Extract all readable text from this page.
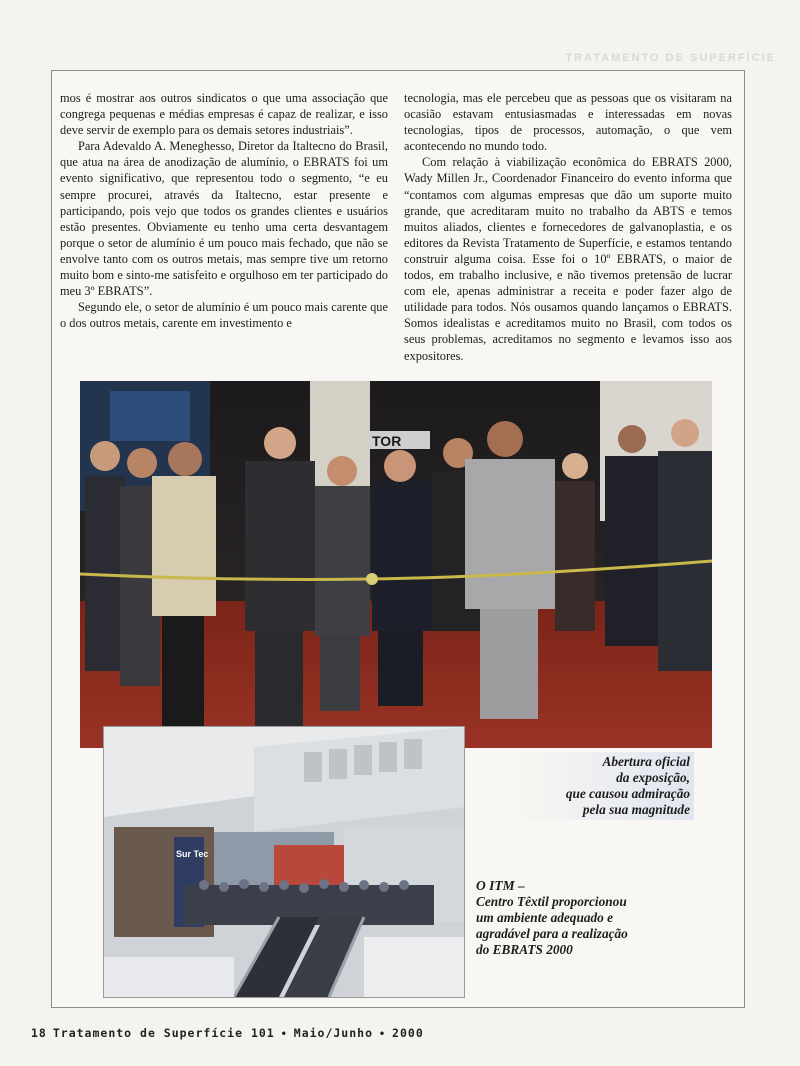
TRATAMENTO DE SUPERFÍCIE

mos é mostrar aos outros sindicatos o que uma associação que congrega pequenas e médias empresas é capaz de realizar, e isso deve servir de exemplo para os demais setores industriais”.

Para Adevaldo A. Meneghesso, Diretor da Italtecno do Brasil, que atua na área de anodização de alumínio, o EBRATS foi um evento significativo, que representou todo o segmento, “e eu sempre procurei, através da Italtecno, estar presente e participando, pois vejo que todos os grandes clientes e usuários estão presentes. Obviamente eu tenho uma certa desvantagem porque o setor de alumínio é um pouco mais fechado, que não se envolve tanto com os outros metais, mas sempre tive um retorno muito bom e sinto-me satisfeito e orgulhoso em ter participado do meu 3º EBRATS”.

Segundo ele, o setor de alumínio é um pouco mais carente que o dos outros metais, carente em investimento e

tecnologia, mas ele percebeu que as pessoas que os visitaram na ocasião estavam entusiasmadas e interessadas em novas tecnologias, tipos de processos, automação, o que vem acontecendo no mundo todo.

Com relação à viabilização econômica do EBRATS 2000, Wady Millen Jr., Coordenador Financeiro do evento informa que “contamos com algumas empresas que dão um suporte muito grande, que acreditaram muito no trabalho da ABTS e temos muitos aliados, clientes e fornecedores de galvanoplastia, e os editores da Revista Tratamento de Superfície, e estamos tentando construir alguma coisa. Esse foi o 10º EBRATS, o maior de todos, em trabalho inclusive, e não tivemos pretensão de lucrar com ele, apenas administrar a receita e poder fazer algo de utilidade para todos. Nós ousamos quando lançamos o EBRATS. Somos idealistas e acreditamos muito no Brasil, com todos os seus problemas, acreditamos no segmento e levamos isso aos expositores.

TOR
Sur Tec
Abertura oficial
da exposição,
que causou admiração
pela sua magnitude
O ITM –
Centro Têxtil proporcionou
um ambiente adequado e
agradável para a realização
do EBRATS 2000
18 Tratamento de Superfície 101 • Maio/Junho • 2000
